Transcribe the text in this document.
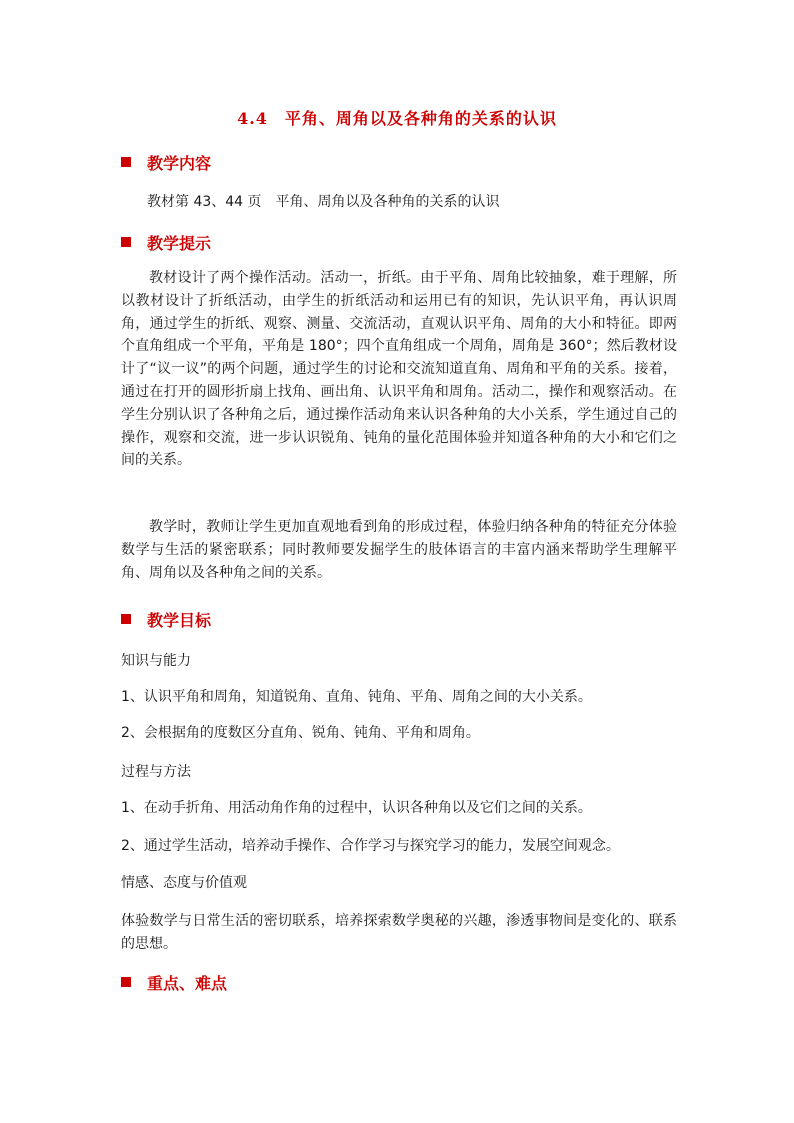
4.4　平角、周角以及各种角的关系的认识
教学内容
教材第 43、44 页　平角、周角以及各种角的关系的认识
教学提示
教材设计了两个操作活动。活动一，折纸。由于平角、周角比较抽象，难于理解，所以教材设计了折纸活动，由学生的折纸活动和运用已有的知识，先认识平角，再认识周角，通过学生的折纸、观察、测量、交流活动，直观认识平角、周角的大小和特征。即两个直角组成一个平角，平角是 180°；四个直角组成一个周角，周角是 360°；然后教材设计了“议一议”的两个问题，通过学生的讨论和交流知道直角、周角和平角的关系。接着，通过在打开的圆形折扇上找角、画出角、认识平角和周角。活动二，操作和观察活动。在学生分别认识了各种角之后，通过操作活动角来认识各种角的大小关系，学生通过自己的操作，观察和交流，进一步认识锐角、钝角的量化范围体验并知道各种角的大小和它们之间的关系。
教学时，教师让学生更加直观地看到角的形成过程，体验归纳各种角的特征充分体验数学与生活的紧密联系；同时教师要发掘学生的肢体语言的丰富内涵来帮助学生理解平角、周角以及各种角之间的关系。
教学目标
知识与能力
1、认识平角和周角，知道锐角、直角、钝角、平角、周角之间的大小关系。
2、会根据角的度数区分直角、锐角、钝角、平角和周角。
过程与方法
1、在动手折角、用活动角作角的过程中，认识各种角以及它们之间的关系。
2、通过学生活动，培养动手操作、合作学习与探究学习的能力，发展空间观念。
情感、态度与价值观
体验数学与日常生活的密切联系，培养探索数学奥秘的兴趣，渗透事物间是变化的、联系的思想。
重点、难点
